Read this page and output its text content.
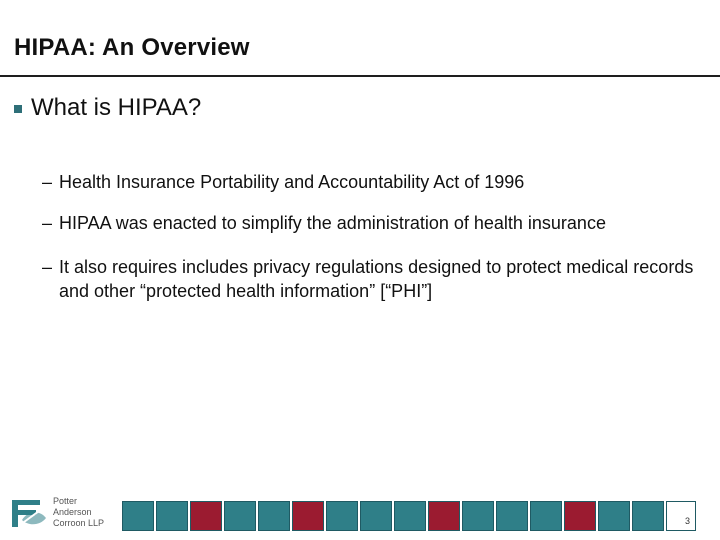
HIPAA: An Overview
What is HIPAA?
– Health Insurance Portability and Accountability Act of 1996
– HIPAA was enacted to simplify the administration of health insurance
– It also requires includes privacy regulations designed to protect medical records and other “protected health information” [“PHI”]
Potter
Anderson
Corroon LLP	3
